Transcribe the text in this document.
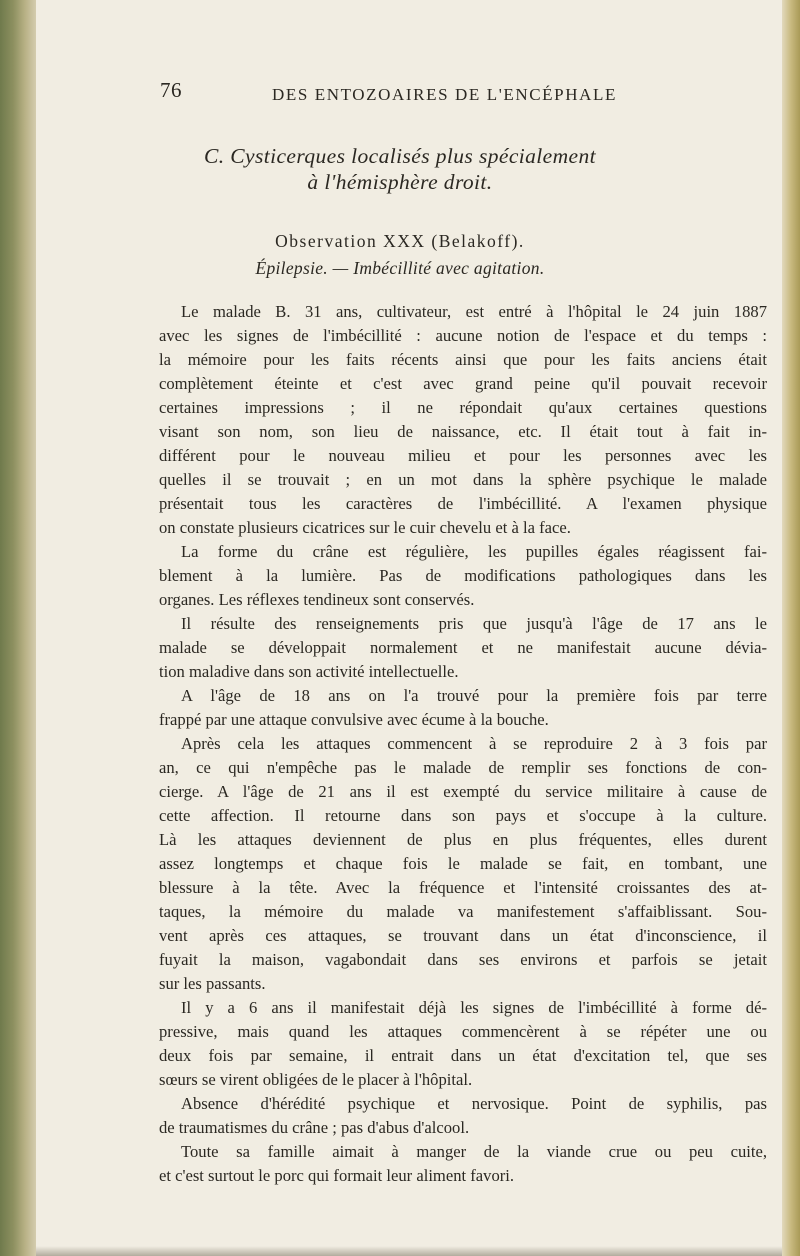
76	DES ENTOZOAIRES DE L'ENCÉPHALE
C. Cysticerques localisés plus spécialement
à l'hémisphère droit.
Observation XXX (Belakoff).
Épilepsie. — Imbécillité avec agitation.
Le malade B. 31 ans, cultivateur, est entré à l'hôpital le 24 juin 1887
avec les signes de l'imbécillité : aucune notion de l'espace et du temps :
la mémoire pour les faits récents ainsi que pour les faits anciens était
complètement éteinte et c'est avec grand peine qu'il pouvait recevoir
certaines impressions ; il ne répondait qu'aux certaines questions
visant son nom, son lieu de naissance, etc. Il était tout à fait in-
différent pour le nouveau milieu et pour les personnes avec les
quelles il se trouvait ; en un mot dans la sphère psychique le malade
présentait tous les caractères de l'imbécillité. A l'examen physique
on constate plusieurs cicatrices sur le cuir chevelu et à la face.
La forme du crâne est régulière, les pupilles égales réagissent fai-
blement à la lumière. Pas de modifications pathologiques dans les
organes. Les réflexes tendineux sont conservés.
Il résulte des renseignements pris que jusqu'à l'âge de 17 ans le
malade se développait normalement et ne manifestait aucune dévia-
tion maladive dans son activité intellectuelle.
A l'âge de 18 ans on l'a trouvé pour la première fois par terre
frappé par une attaque convulsive avec écume à la bouche.
Après cela les attaques commencent à se reproduire 2 à 3 fois par
an, ce qui n'empêche pas le malade de remplir ses fonctions de con-
cierge. A l'âge de 21 ans il est exempté du service militaire à cause de
cette affection. Il retourne dans son pays et s'occupe à la culture.
Là les attaques deviennent de plus en plus fréquentes, elles durent
assez longtemps et chaque fois le malade se fait, en tombant, une
blessure à la tête. Avec la fréquence et l'intensité croissantes des at-
taques, la mémoire du malade va manifestement s'affaiblissant. Sou-
vent après ces attaques, se trouvant dans un état d'inconscience, il
fuyait la maison, vagabondait dans ses environs et parfois se jetait
sur les passants.
Il y a 6 ans il manifestait déjà les signes de l'imbécillité à forme dé-
pressive, mais quand les attaques commencèrent à se répéter une ou
deux fois par semaine, il entrait dans un état d'excitation tel, que ses
sœurs se virent obligées de le placer à l'hôpital.
Absence d'hérédité psychique et nervosique. Point de syphilis, pas
de traumatismes du crâne ; pas d'abus d'alcool.
Toute sa famille aimait à manger de la viande crue ou peu cuite,
et c'est surtout le porc qui formait leur aliment favori.
